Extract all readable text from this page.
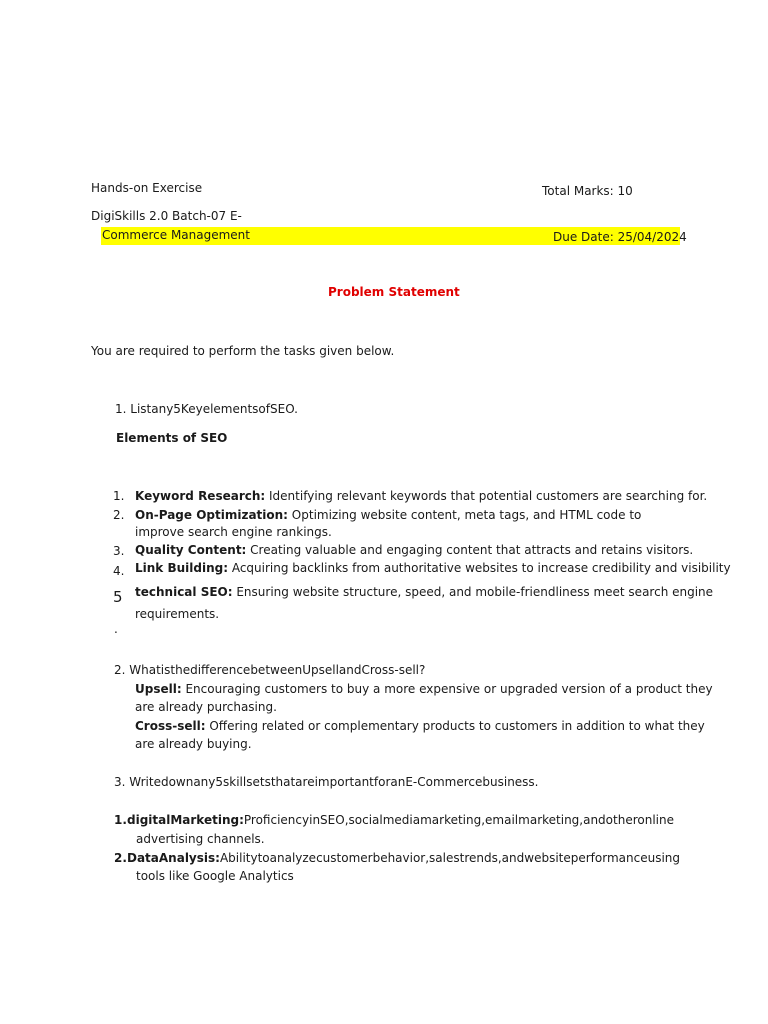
Hands-on Exercise	Total Marks: 10
DigiSkills 2.0 Batch-07 E-
Commerce Management	Due Date: 25/04/2024
Problem Statement
You are required to perform the tasks given below.
1. Listany5KeyelementsofSEO.
Elements of SEO
1. Keyword Research: Identifying relevant keywords that potential customers are searching for.
2. On-Page Optimization: Optimizing website content, meta tags, and HTML code to
improve search engine rankings.
3. Quality Content: Creating valuable and engaging content that attracts and retains visitors.
4. Link Building: Acquiring backlinks from authoritative websites to increase credibility and visibility
5 technical SEO: Ensuring website structure, speed, and mobile-friendliness meet search engine
requirements.
.
2. WhatisthedifferencebetweenUpsellandCross-sell?
Upsell: Encouraging customers to buy a more expensive or upgraded version of a product they
are already purchasing.
Cross-sell: Offering related or complementary products to customers in addition to what they
are already buying.
3. Writedownany5skillsetsthatareimportantforanE-Commercebusiness.
1. digitalMarketing:ProficiencyinSEO,socialmediamarketing,emailmarketing,andotheronline
advertising channels.
2. DataAnalysis:Abilitytoanalyzecustomerbehavior,salestrends,andwebsiteperformanceusing
tools like Google Analytics
